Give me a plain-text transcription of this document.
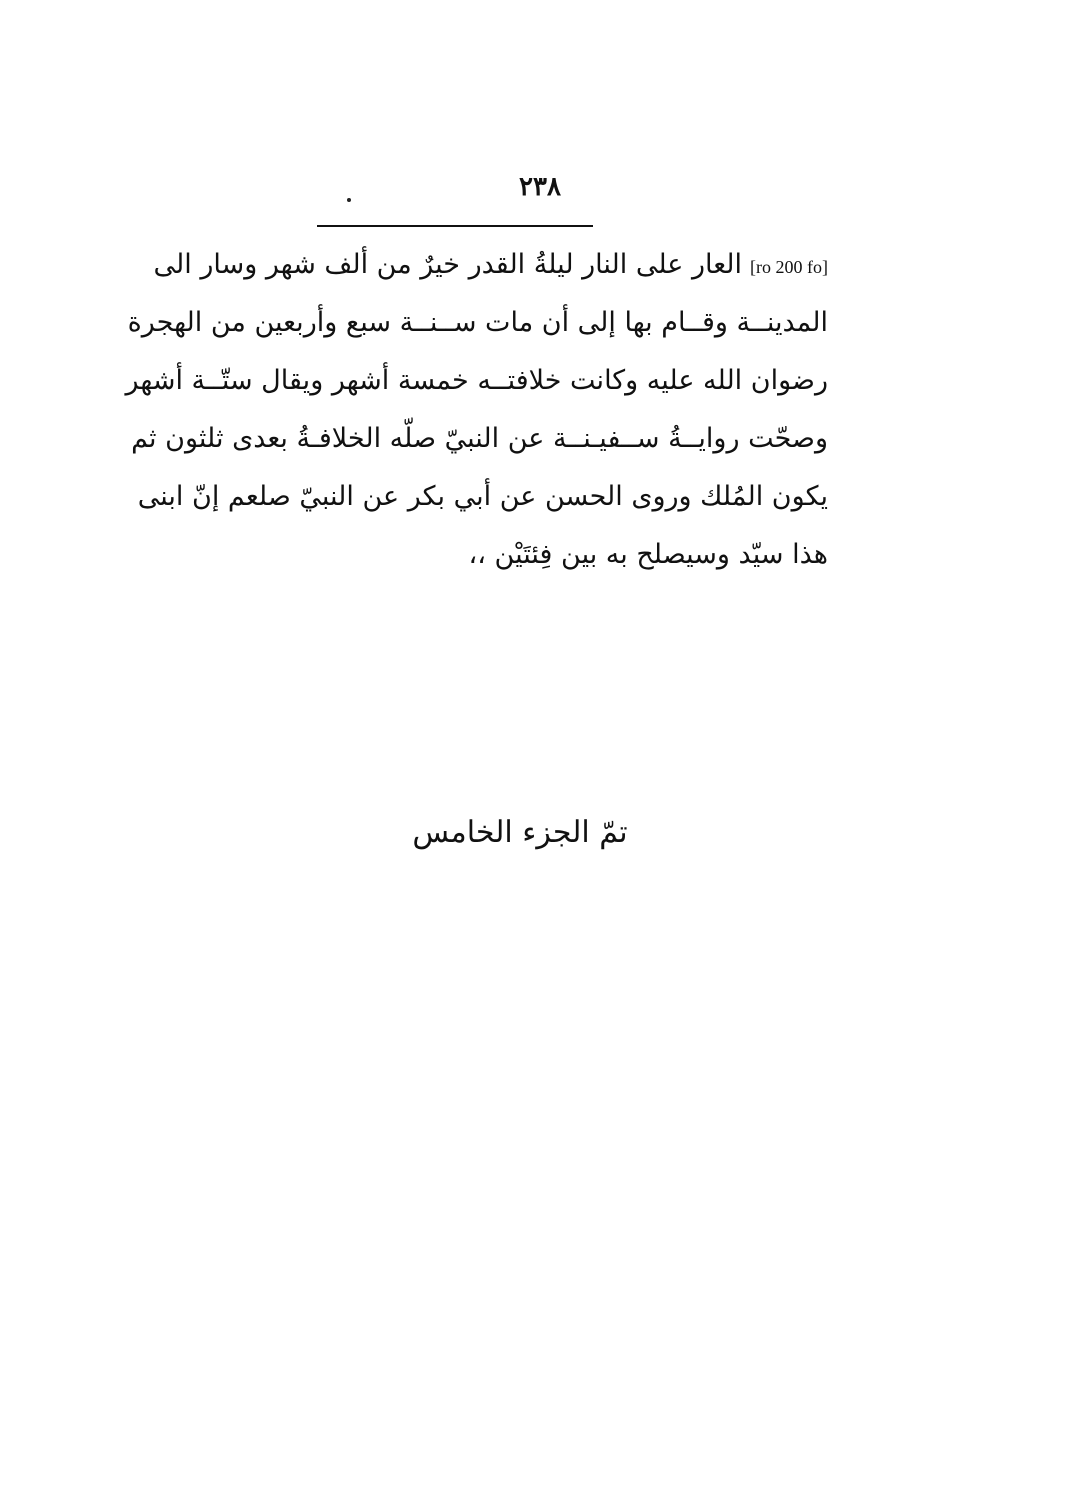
٢٣٨
[ro 200 fo]العار على النار ليلةُ القدر خيرٌ من ألف شهر وسار الى
المدينــة وقــام بها إلى أن مات ســنــة سبع وأربعين من الهجرة
رضوان الله عليه وكانت خلافتــه خمسة أشهر ويقال ستّــة أشهر
وصحّت روايــةُ ســفيـنــة عن النبيّ صلّه الخلافـةُ بعدى ثلثون ثم
يكون المُلك وروى الحسن عن أبي بكر عن النبيّ صلعم إنّ ابنى
هذا سيّد وسيصلح به بين فِئتَيْن ،،
تمّ الجزء الخامس
